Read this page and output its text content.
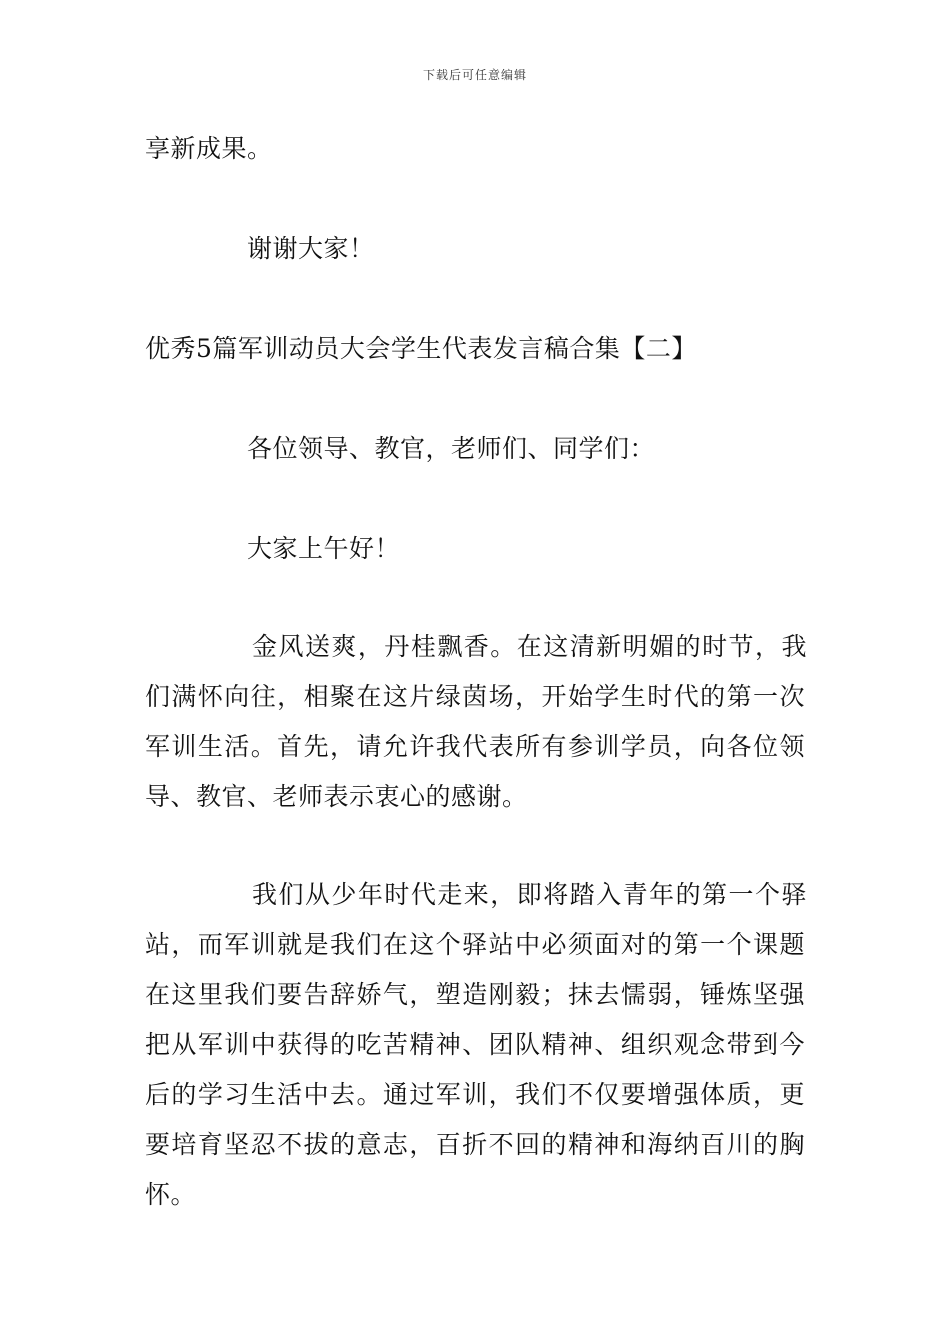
下载后可任意编辑
享新成果。
谢谢大家！
优秀5篇军训动员大会学生代表发言稿合集【二】
各位领导、教官，老师们、同学们：
大家上午好！
金风送爽，丹桂飘香。在这清新明媚的时节，我
们满怀向往，相聚在这片绿茵场，开始学生时代的第一次
军训生活。首先，请允许我代表所有参训学员，向各位领
导、教官、老师表示衷心的感谢。
我们从少年时代走来，即将踏入青年的第一个驿
站，而军训就是我们在这个驿站中必须面对的第一个课题
在这里我们要告辞娇气，塑造刚毅；抹去懦弱，锤炼坚强
把从军训中获得的吃苦精神、团队精神、组织观念带到今
后的学习生活中去。通过军训，我们不仅要增强体质，更
要培育坚忍不拔的意志，百折不回的精神和海纳百川的胸
怀。
